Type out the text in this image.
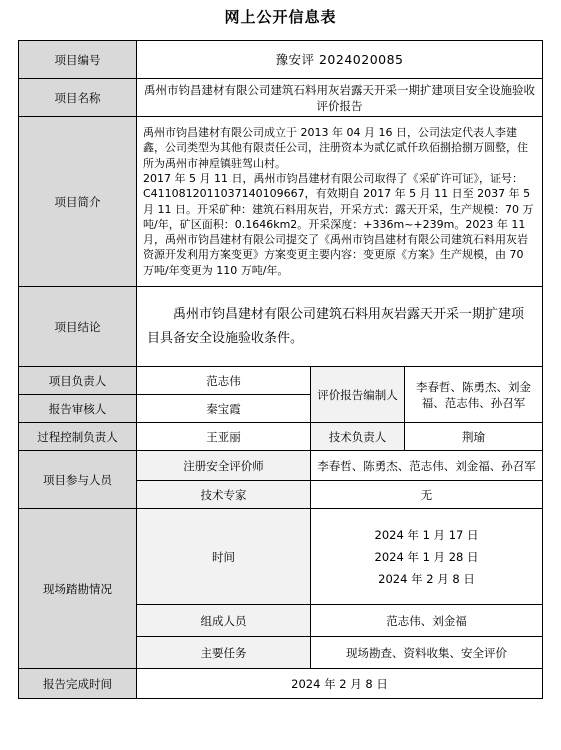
网上公开信息表
项目编号	豫安评 2024020085		
项目名称	禹州市钧昌建材有限公司建筑石料用灰岩露天开采一期扩建项目安全设施验收评价报告		
项目简介	禹州市钧昌建材有限公司成立于 2013 年 04 月 16 日，公司法定代表人李建鑫，公司类型为其他有限责任公司，注册资本为贰亿贰仟玖佰捌拾捌万圆整，住所为禹州市神垕镇驻驾山村。

2017 年 5 月 11 日，禹州市钧昌建材有限公司取得了《采矿许可证》，证号：C4110812011037140109667，有效期自 2017 年 5 月 11 日至 2037 年 5 月 11 日。开采矿种：建筑石料用灰岩，开采方式：露天开采，生产规模：70 万吨/年，矿区面积：0.1646km2。开采深度：+336m~+239m。2023 年 11 月，禹州市钧昌建材有限公司提交了《禹州市钧昌建材有限公司建筑石料用灰岩资源开发利用方案变更》方案变更主要内容：变更原《方案》生产规模，由 70 万吨/年变更为 110 万吨/年。		

项目结论	禹州市钧昌建材有限公司建筑石料用灰岩露天开采一期扩建项目具备安全设施验收条件。		

项目负责人	范志伟	评价报告编制人	李春哲、陈勇杰、刘金福、范志伟、孙召军
报告审核人	秦宝霞		
过程控制负责人	王亚丽	技术负责人	荆瑜
项目参与人员	注册安全评价师	李春哲、陈勇杰、范志伟、刘金福、孙召军	
	技术专家	无	
现场踏勘情况	时间	2024 年 1 月 17 日
2024 年 1 月 28 日
2024 年 2 月 8 日	

	组成人员	范志伟、刘金福	
	主要任务	现场勘查、资料收集、安全评价	
报告完成时间	2024 年 2 月 8 日		
